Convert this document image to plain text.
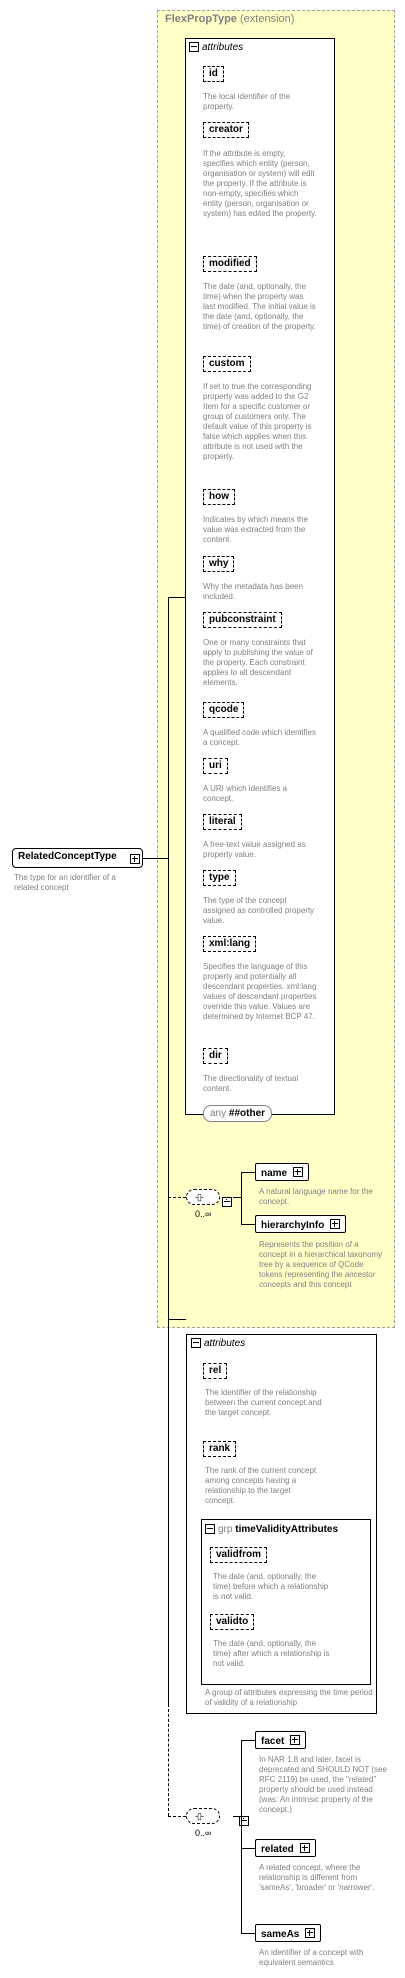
FlexPropType (extension)
attributes
id
The local identifier of the property.
creator
If the attribute is empty, specifies which entity (person, organisation or system) will edit the property. If the attribute is non-empty, specifies which entity (person, organisation or system) has edited the property.
modified
The date (and, optionally, the time) when the property was last modified. The initial value is the date (and, optionally, the time) of creation of the property.
custom
If set to true the corresponding property was added to the G2 Item for a specific customer or group of customers only. The default value of this property is false which applies when this attribute is not used with the property.
how
Indicates by which means the value was extracted from the content.
why
Why the metadata has been included.
pubconstraint
One or many constraints that apply to publishing the value of the property. Each constraint applies to all descendant elements.
qcode
A qualified code which identifies a concept.
uri
A URI which identifies a concept.
literal
A free-text value assigned as property value.
type
The type of the concept assigned as controlled property value.
xml:lang
Specifies the language of this property and potentially all descendant properties. xml:lang values of descendant properties override this value. Values are determined by Internet BCP 47.
dir
The directionality of textual content.
any ##other
RelatedConceptType
The type for an identifier of a related concept
-▯-

0..∞
name
A natural language name for the concept.
hierarchyInfo
Represents the position of a concept in a hierarchical taxonomy tree by a sequence of QCode tokens representing the ancestor concepts and this concept
attributes
rel
The identifier of the relationship between the current concept and the target concept.
rank
The rank of the current concept among concepts having a relationship to the target concept.
grp timeValidityAttributes
validfrom
The date (and, optionally, the time) before which a relationship is not valid.
validto
The date (and, optionally, the time) after which a relationship is not valid.
A group of attributes expressing the time period of validity of a relationship
-▯-
0..∞
facet
In NAR 1.8 and later, facet is deprecated and SHOULD NOT (see RFC 2119) be used, the "related" property should be used instead (was: An intrinsic property of the concept.)
related
A related concept, where the relationship is different from 'sameAs', 'broader' or 'narrower'.
sameAs
An identifier of a concept with equivalent semantics
